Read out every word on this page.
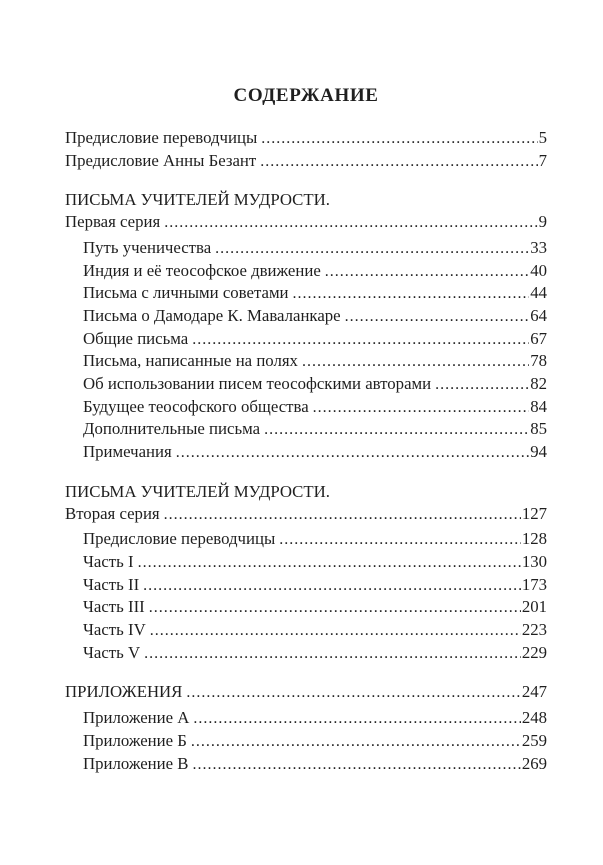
СОДЕРЖАНИЕ
Предисловие переводчицы .....	5
Предисловие Анны Безант .....	7
ПИСЬМА УЧИТЕЛЕЙ МУДРОСТИ.
Первая серия .....	9
Путь ученичества .....	33
Индия и её теософское движение .....	40
Письма с личными советами .....	44
Письма о Дамодаре К. Маваланкаре .....	64
Общие письма .....	67
Письма, написанные на полях .....	78
Об использовании писем теософскими авторами .....	82
Будущее теософского общества .....	84
Дополнительные письма .....	85
Примечания .....	94
ПИСЬМА УЧИТЕЛЕЙ МУДРОСТИ.
Вторая серия .....	127
Предисловие переводчицы .....	128
Часть I .....	130
Часть II .....	173
Часть III .....	201
Часть IV .....	223
Часть V .....	229
ПРИЛОЖЕНИЯ .....	247
Приложение А .....	248
Приложение Б .....	259
Приложение В .....	269
